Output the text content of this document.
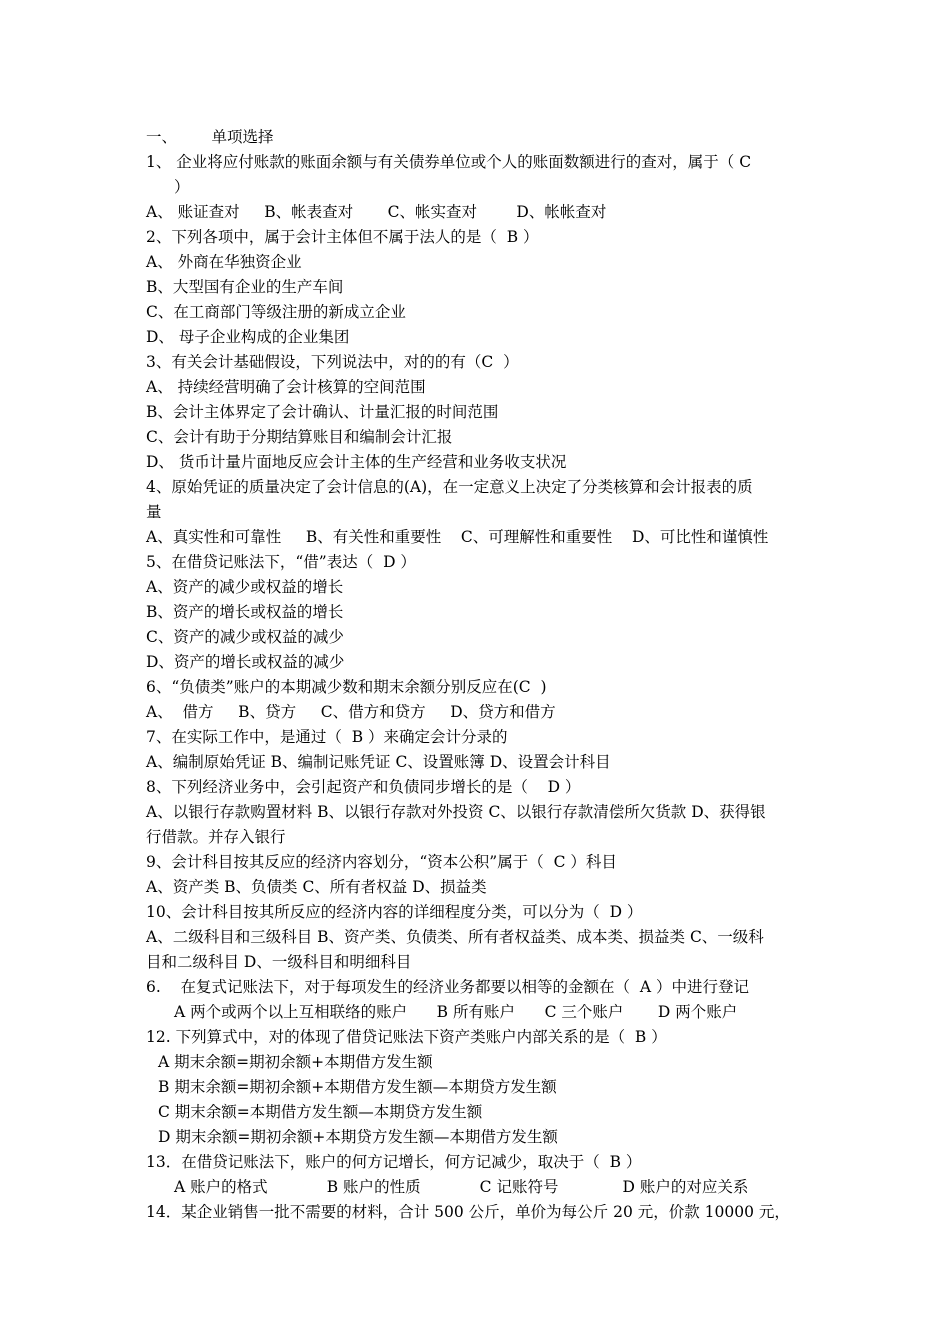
一、       单项选择
1、 企业将应付账款的账面余额与有关债券单位或个人的账面数额进行的查对，属于（ C
）
A、 账证查对     B、帐表查对       C、帐实查对        D、帐帐查对
2、下列各项中，属于会计主体但不属于法人的是（  B ）
A、 外商在华独资企业
B、大型国有企业的生产车间
C、在工商部门等级注册的新成立企业
D、 母子企业构成的企业集团
3、有关会计基础假设，下列说法中，对的的有（C  ）
A、 持续经营明确了会计核算的空间范围
B、会计主体界定了会计确认、计量汇报的时间范围
C、会计有助于分期结算账目和编制会计汇报
D、 货币计量片面地反应会计主体的生产经营和业务收支状况
4、原始凭证的质量决定了会计信息的(A)，在一定意义上决定了分类核算和会计报表的质
量
A、真实性和可靠性     B、有关性和重要性    C、可理解性和重要性    D、可比性和谨慎性
5、在借贷记账法下，“借”表达（  D ）
A、资产的减少或权益的增长
B、资产的增长或权益的增长
C、资产的减少或权益的减少
D、资产的增长或权益的减少
6、“负债类”账户的本期减少数和期末余额分别反应在(C  )
A、  借方     B、贷方     C、借方和贷方     D、贷方和借方
7、在实际工作中，是通过（  B ）来确定会计分录的
A、编制原始凭证 B、编制记账凭证 C、设置账簿 D、设置会计科目
8、下列经济业务中，会引起资产和负债同步增长的是（    D ）
A、以银行存款购置材料 B、以银行存款对外投资 C、以银行存款清偿所欠货款 D、获得银
行借款。并存入银行
9、会计科目按其反应的经济内容划分，“资本公积”属于（  C ）科目
A、资产类 B、负债类 C、所有者权益 D、损益类
10、会计科目按其所反应的经济内容的详细程度分类，可以分为（  D ）
A、二级科目和三级科目 B、资产类、负债类、所有者权益类、成本类、损益类 C、一级科
目和二级科目 D、一级科目和明细科目
6.    在复式记账法下，对于每项发生的经济业务都要以相等的金额在（  A ）中进行登记
A 两个或两个以上互相联络的账户      B 所有账户      C 三个账户       D 两个账户
12. 下列算式中，对的体现了借贷记账法下资产类账户内部关系的是（  B ）
A 期末余额=期初余额+本期借方发生额
B 期末余额=期初余额+本期借方发生额—本期贷方发生额
C 期末余额=本期借方发生额—本期贷方发生额
D 期末余额=期初余额+本期贷方发生额—本期借方发生额
13．在借贷记账法下，账户的何方记增长，何方记减少，取决于（  B ）
A 账户的格式            B 账户的性质            C 记账符号             D 账户的对应关系
14．某企业销售一批不需要的材料，合计 500 公斤，单价为每公斤 20 元，价款 10000 元，
